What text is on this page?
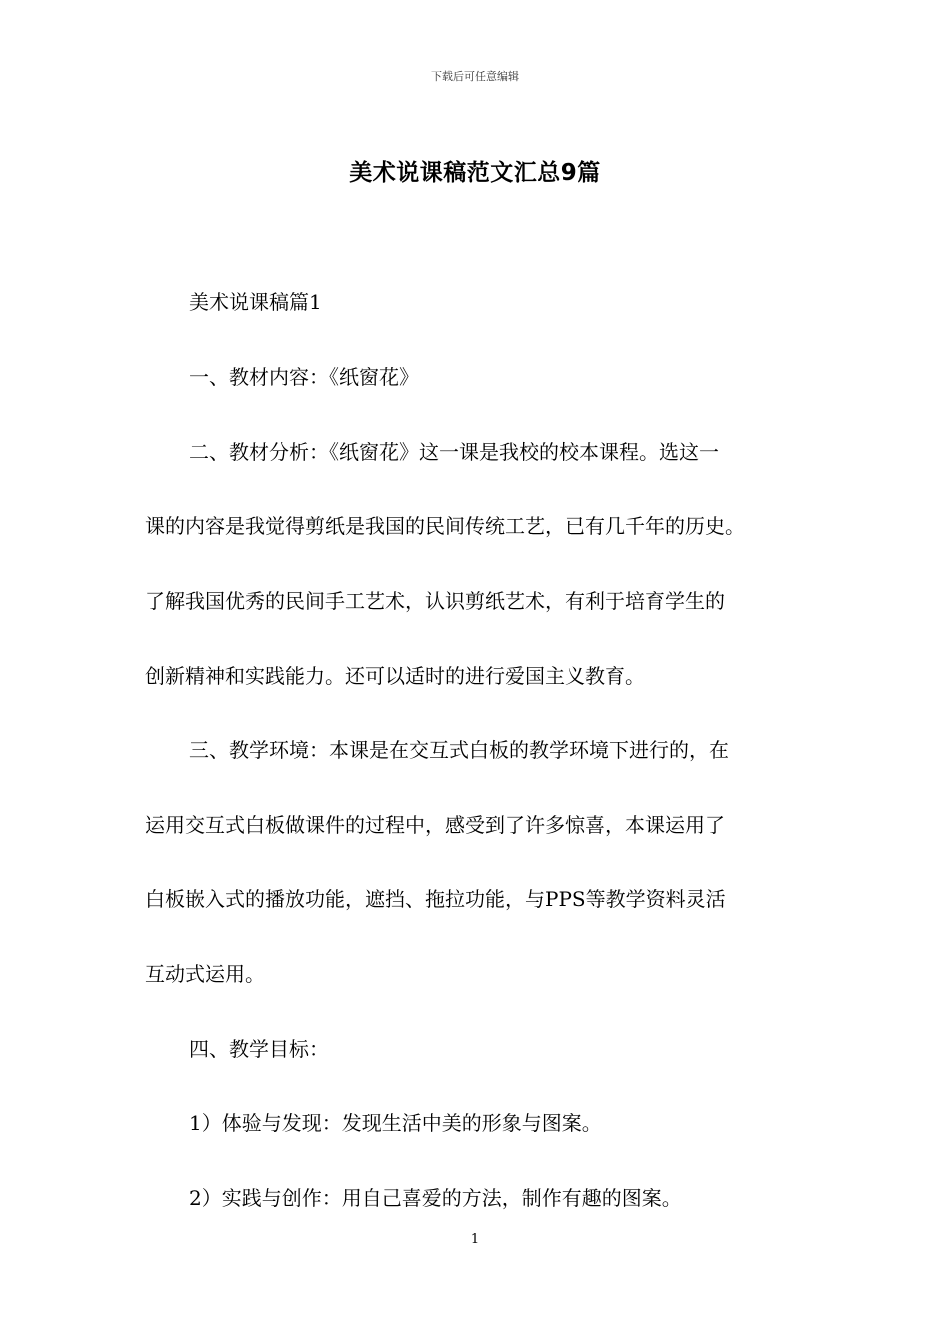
下载后可任意编辑
美术说课稿范文汇总9篇
美术说课稿篇1
一、教材内容：《纸窗花》
二、教材分析：《纸窗花》这一课是我校的校本课程。选这一
课的内容是我觉得剪纸是我国的民间传统工艺，已有几千年的历史。
了解我国优秀的民间手工艺术，认识剪纸艺术，有利于培育学生的
创新精神和实践能力。还可以适时的进行爱国主义教育。
三、教学环境：本课是在交互式白板的教学环境下进行的，在
运用交互式白板做课件的过程中，感受到了许多惊喜，本课运用了
白板嵌入式的播放功能，遮挡、拖拉功能，与PPS等教学资料灵活
互动式运用。
四、教学目标：
1）体验与发现：发现生活中美的形象与图案。
2）实践与创作：用自己喜爱的方法，制作有趣的图案。
1
